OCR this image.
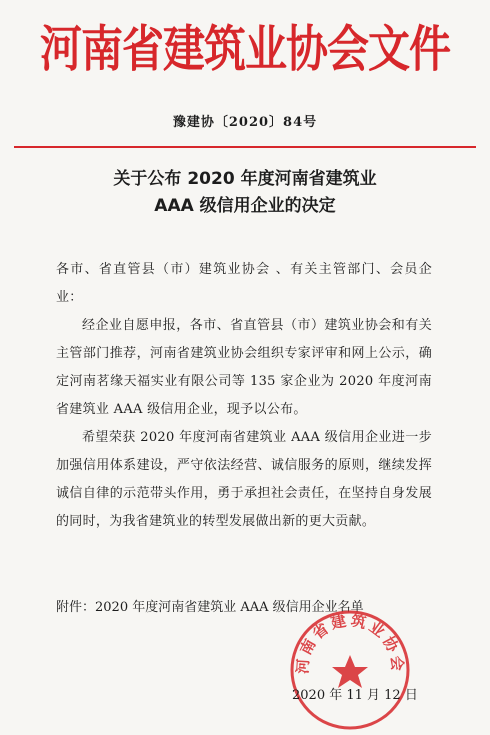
河南省建筑业协会文件
豫建协〔2020〕84号
关于公布 2020 年度河南省建筑业
AAA 级信用企业的决定

各市、省直管县（市）建筑业协会 、有关主管部门、会员企业：

经企业自愿申报，各市、省直管县（市）建筑业协会和有关主管部门推荐，河南省建筑业协会组织专家评审和网上公示，确定河南茗缘天福实业有限公司等 135 家企业为 2020 年度河南省建筑业 AAA 级信用企业，现予以公布。

希望荣获 2020 年度河南省建筑业 AAA 级信用企业进一步加强信用体系建设，严守依法经营、诚信服务的原则，继续发挥诚信自律的示范带头作用，勇于承担社会责任，在坚持自身发展的同时，为我省建筑业的转型发展做出新的更大贡献。

附件：2020 年度河南省建筑业 AAA 级信用企业名单
河南省建筑业协会
2020 年 11 月 12 日
